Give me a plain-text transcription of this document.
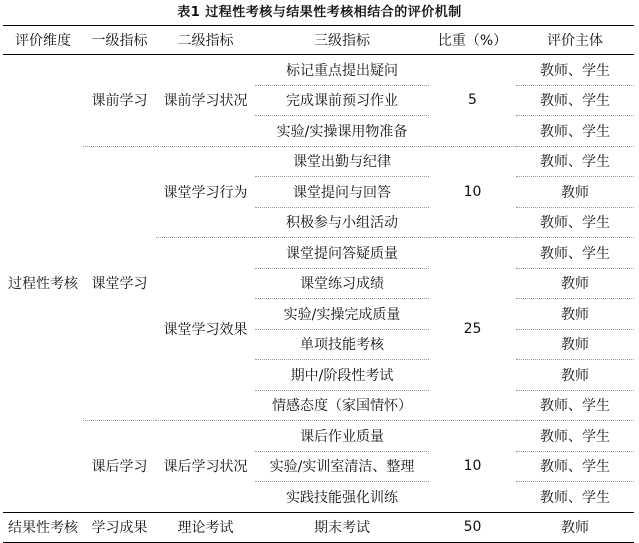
表1 过程性考核与结果性考核相结合的评价机制
评价维度	一级指标	二级指标	三级指标	比重（%）	评价主体
过程性考核	课前学习	课前学习状况	标记重点提出疑问	5	教师、学生
			完成课前预习作业		教师、学生
			实验/实操课用物准备		教师、学生
	课堂学习	课堂学习行为	课堂出勤与纪律	10	教师、学生
			课堂提问与回答		教师
			积极参与小组活动		教师、学生
		课堂学习效果	课堂提问答疑质量	25	教师、学生
			课堂练习成绩		教师
			实验/实操完成质量		教师
			单项技能考核		教师
			期中/阶段性考试		教师
			情感态度（家国情怀）		教师、学生
	课后学习	课后学习状况	课后作业质量	10	教师、学生
			实验/实训室清洁、整理		教师、学生
			实践技能强化训练		教师、学生
结果性考核	学习成果	理论考试	期末考试	50	教师
